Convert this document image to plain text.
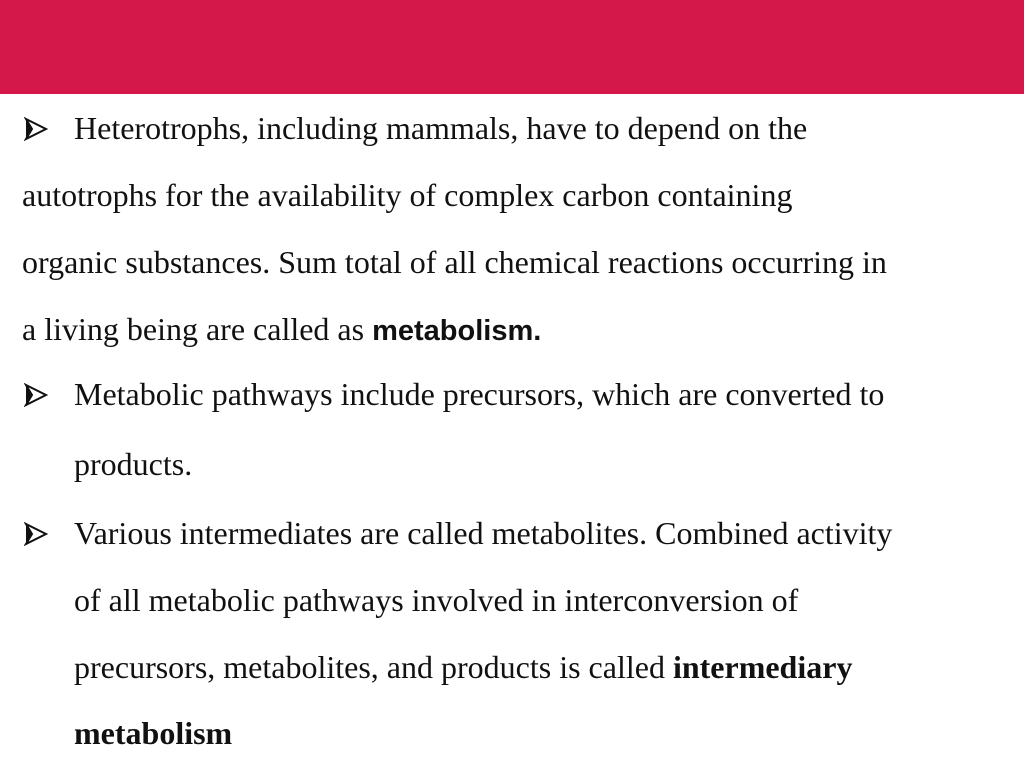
Heterotrophs, including mammals, have to depend on the
autotrophs for the availability of complex carbon containing
organic substances. Sum total of all chemical reactions occurring in
a living being are called as metabolism.
Metabolic pathways include precursors, which are converted to
products.
Various intermediates are called metabolites. Combined activity
of all metabolic pathways involved in interconversion of
precursors, metabolites, and products is called intermediary
metabolism
